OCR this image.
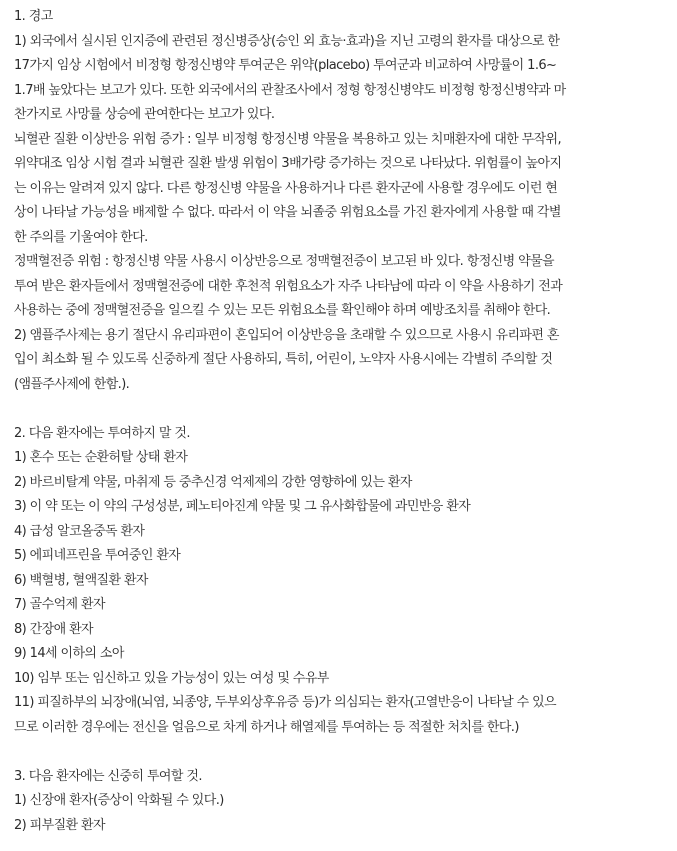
1. 경고
1) 외국에서 실시된 인지증에 관련된 정신병증상(승인 외 효능·효과)을 지닌 고령의 환자를 대상으로 한
17가지 임상 시험에서 비정형 항정신병약 투여군은 위약(placebo) 투여군과 비교하여 사망률이 1.6~
1.7배 높았다는 보고가 있다. 또한 외국에서의 관찰조사에서 정형 항정신병약도 비정형 항정신병약과 마
찬가지로 사망률 상승에 관여한다는 보고가 있다.
뇌혈관 질환 이상반응 위험 증가 : 일부 비정형 항정신병 약물을 복용하고 있는 치매환자에 대한 무작위,
위약대조 임상 시험 결과 뇌혈관 질환 발생 위험이 3배가량 증가하는 것으로 나타났다. 위험률이 높아지
는 이유는 알려져 있지 않다. 다른 항정신병 약물을 사용하거나 다른 환자군에 사용할 경우에도 이런 현
상이 나타날 가능성을 배제할 수 없다. 따라서 이 약을 뇌졸중 위험요소를 가진 환자에게 사용할 때 각별
한 주의를 기울여야 한다.
정맥혈전증 위험 : 항정신병 약물 사용시 이상반응으로 정맥혈전증이 보고된 바 있다. 항정신병 약물을
투여 받은 환자들에서 정맥혈전증에 대한 후천적 위험요소가 자주 나타남에 따라 이 약을 사용하기 전과
사용하는 중에 정맥혈전증을 일으킬 수 있는 모든 위험요소를 확인해야 하며 예방조치를 취해야 한다.
2) 앰플주사제는 용기 절단시 유리파편이 혼입되어 이상반응을 초래할 수 있으므로 사용시 유리파편 혼
입이 최소화 될 수 있도록 신중하게 절단 사용하되, 특히, 어린이, 노약자 사용시에는 각별히 주의할 것
(앰플주사제에 한함.).
2. 다음 환자에는 투여하지 말 것.
1) 혼수 또는 순환허탈 상태 환자
2) 바르비탈계 약물, 마취제 등 중추신경 억제제의 강한 영향하에 있는 환자
3) 이 약 또는 이 약의 구성성분, 페노티아진계 약물 및 그 유사화합물에 과민반응 환자
4) 급성 알코올중독 환자
5) 에피네프린을 투여중인 환자
6) 백혈병, 혈액질환 환자
7) 골수억제 환자
8) 간장애 환자
9) 14세 이하의 소아
10) 임부 또는 임신하고 있을 가능성이 있는 여성 및 수유부
11) 피질하부의 뇌장애(뇌염, 뇌종양, 두부외상후유증 등)가 의심되는 환자(고열반응이 나타날 수 있으
므로 이러한 경우에는 전신을 얼음으로 차게 하거나 해열제를 투여하는 등 적절한 처치를 한다.)
3. 다음 환자에는 신중히 투여할 것.
1) 신장애 환자(증상이 악화될 수 있다.)
2) 피부질환 환자
